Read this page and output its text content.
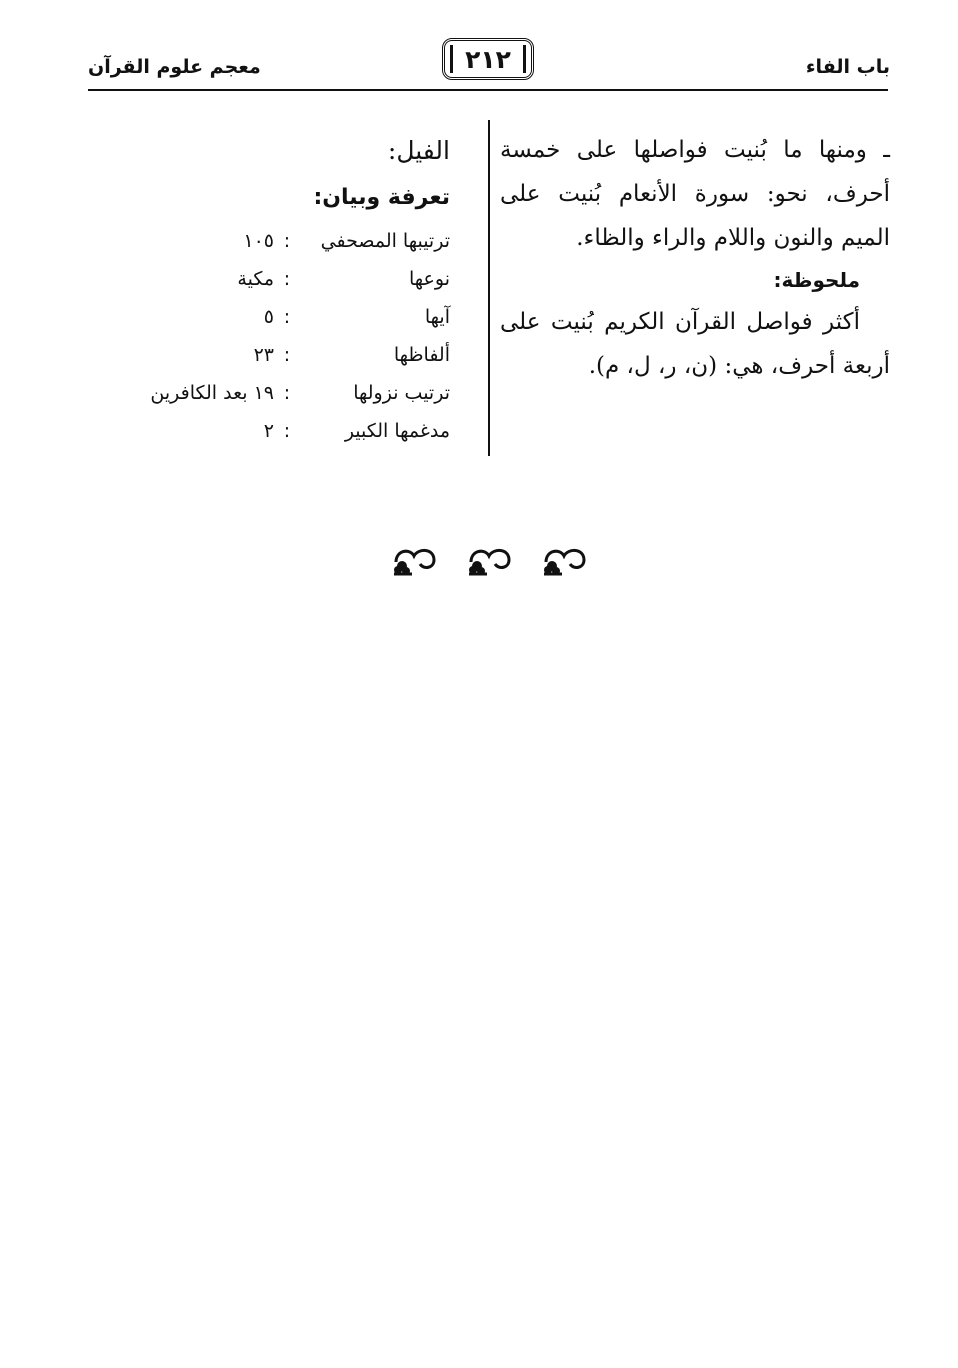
باب الفاء
٢١٢
معجم علوم القرآن

ـ ومنها ما بُنيت فواصلها على خمسة أحرف، نحو: سورة الأنعام بُنيت على الميم والنون واللام والراء والظاء.

ملحوظة:

أكثر فواصل القرآن الكريم بُنيت على أربعة أحرف، هي: (ن، ر، ل، م).

الفيل:

تعرفة وبيان:

ترتيبها المصحفي
:
١٠٥
نوعها
:
مكية
آيها
:
٥
ألفاظها
:
٢٣
ترتيب نزولها
:
١٩ بعد الكافرين
مدغمها الكبير
:
٢
